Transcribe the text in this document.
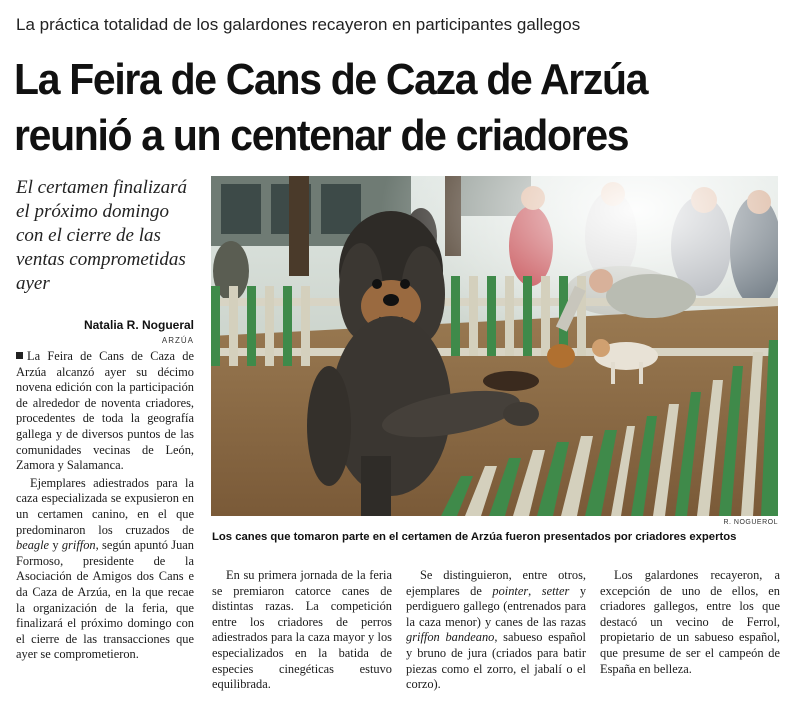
La práctica totalidad de los galardones recayeron en participantes gallegos
La Feira de Cans de Caza de Arzúa
reunió a un centenar de criadores
El certamen finalizará el próximo domingo con el cierre de las ventas comprometidas ayer
Natalia R. Nogueral
ARZÚA

La Feira de Cans de Caza de Arzúa alcanzó ayer su décimo novena edición con la participación de alrededor de noventa criadores, procedentes de toda la geografía gallega y de diversos puntos de las comunidades vecinas de León, Zamora y Salamanca.

Ejemplares adiestrados para la caza especializada se expusieron en un certamen canino, en el que predominaron los cruzados de beagle y griffon, según apuntó Juan Formoso, presidente de la Asociación de Amigos dos Cans e da Caza de Arzúa, en la que recae la organización de la feria, que finalizará el próximo domingo con el cierre de las transacciones que ayer se comprometieron.

R. NOGUEROL
Los canes que tomaron parte en el certamen de Arzúa fueron presentados por criadores expertos

En su primera jornada de la feria se premiaron catorce canes de distintas razas. La competición entre los criadores de perros adiestrados para la caza mayor y los especializados en la batida de especies cinegéticas estuvo equilibrada.

Se distinguieron, entre otros, ejemplares de pointer, setter y perdiguero gallego (entrenados para la caza menor) y canes de las razas griffon bandeano, sabueso español y bruno de jura (criados para batir piezas como el zorro, el jabalí o el corzo).

Los galardones recayeron, a excepción de uno de ellos, en criadores gallegos, entre los que destacó un vecino de Ferrol, propietario de un sabueso español, que presume de ser el campeón de España en belleza.
